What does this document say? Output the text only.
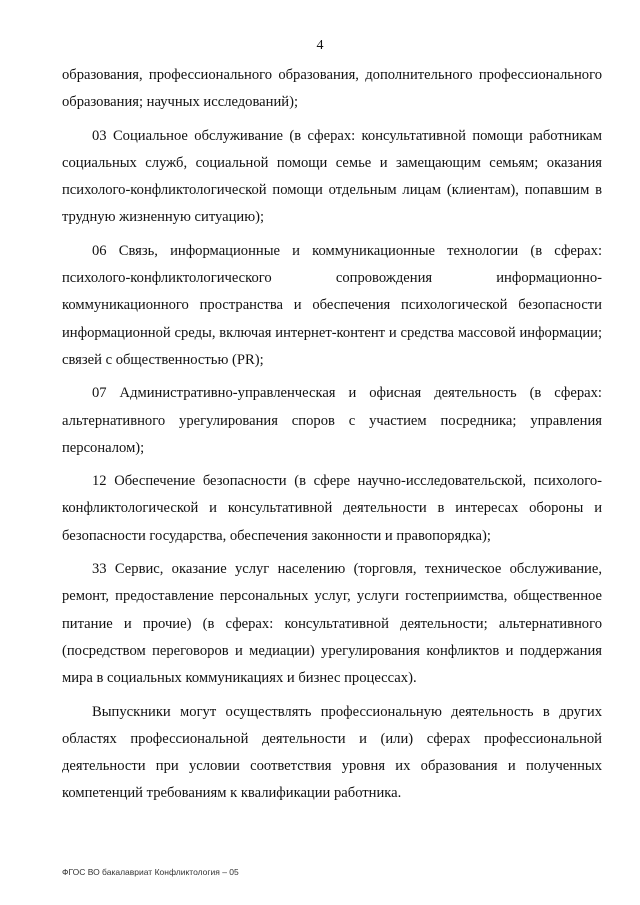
4

образования, профессионального образования, дополнительного профессионального образования; научных исследований);

03 Социальное обслуживание (в сферах: консультативной помощи работникам социальных служб, социальной помощи семье и замещающим семьям; оказания психолого-конфликтологической помощи отдельным лицам (клиентам), попавшим в трудную жизненную ситуацию);

06 Связь, информационные и коммуникационные технологии (в сферах: психолого-конфликтологического сопровождения информационно-коммуникационного пространства и обеспечения психологической безопасности информационной среды, включая интернет-контент и средства массовой информации; связей с общественностью (PR);

07 Административно-управленческая и офисная деятельность (в сферах: альтернативного урегулирования споров с участием посредника; управления персоналом);

12 Обеспечение безопасности (в сфере научно-исследовательской, психолого-конфликтологической и консультативной деятельности в интересах обороны и безопасности государства, обеспечения законности и правопорядка);

33 Сервис, оказание услуг населению (торговля, техническое обслуживание, ремонт, предоставление персональных услуг, услуги гостеприимства, общественное питание и прочие) (в сферах: консультативной деятельности; альтернативного (посредством переговоров и медиации) урегулирования конфликтов и поддержания мира в социальных коммуникациях и бизнес процессах).

Выпускники могут осуществлять профессиональную деятельность в других областях профессиональной деятельности и (или) сферах профессиональной деятельности при условии соответствия уровня их образования и полученных компетенций требованиям к квалификации работника.

ФГОС ВО бакалавриат Конфликтология – 05
